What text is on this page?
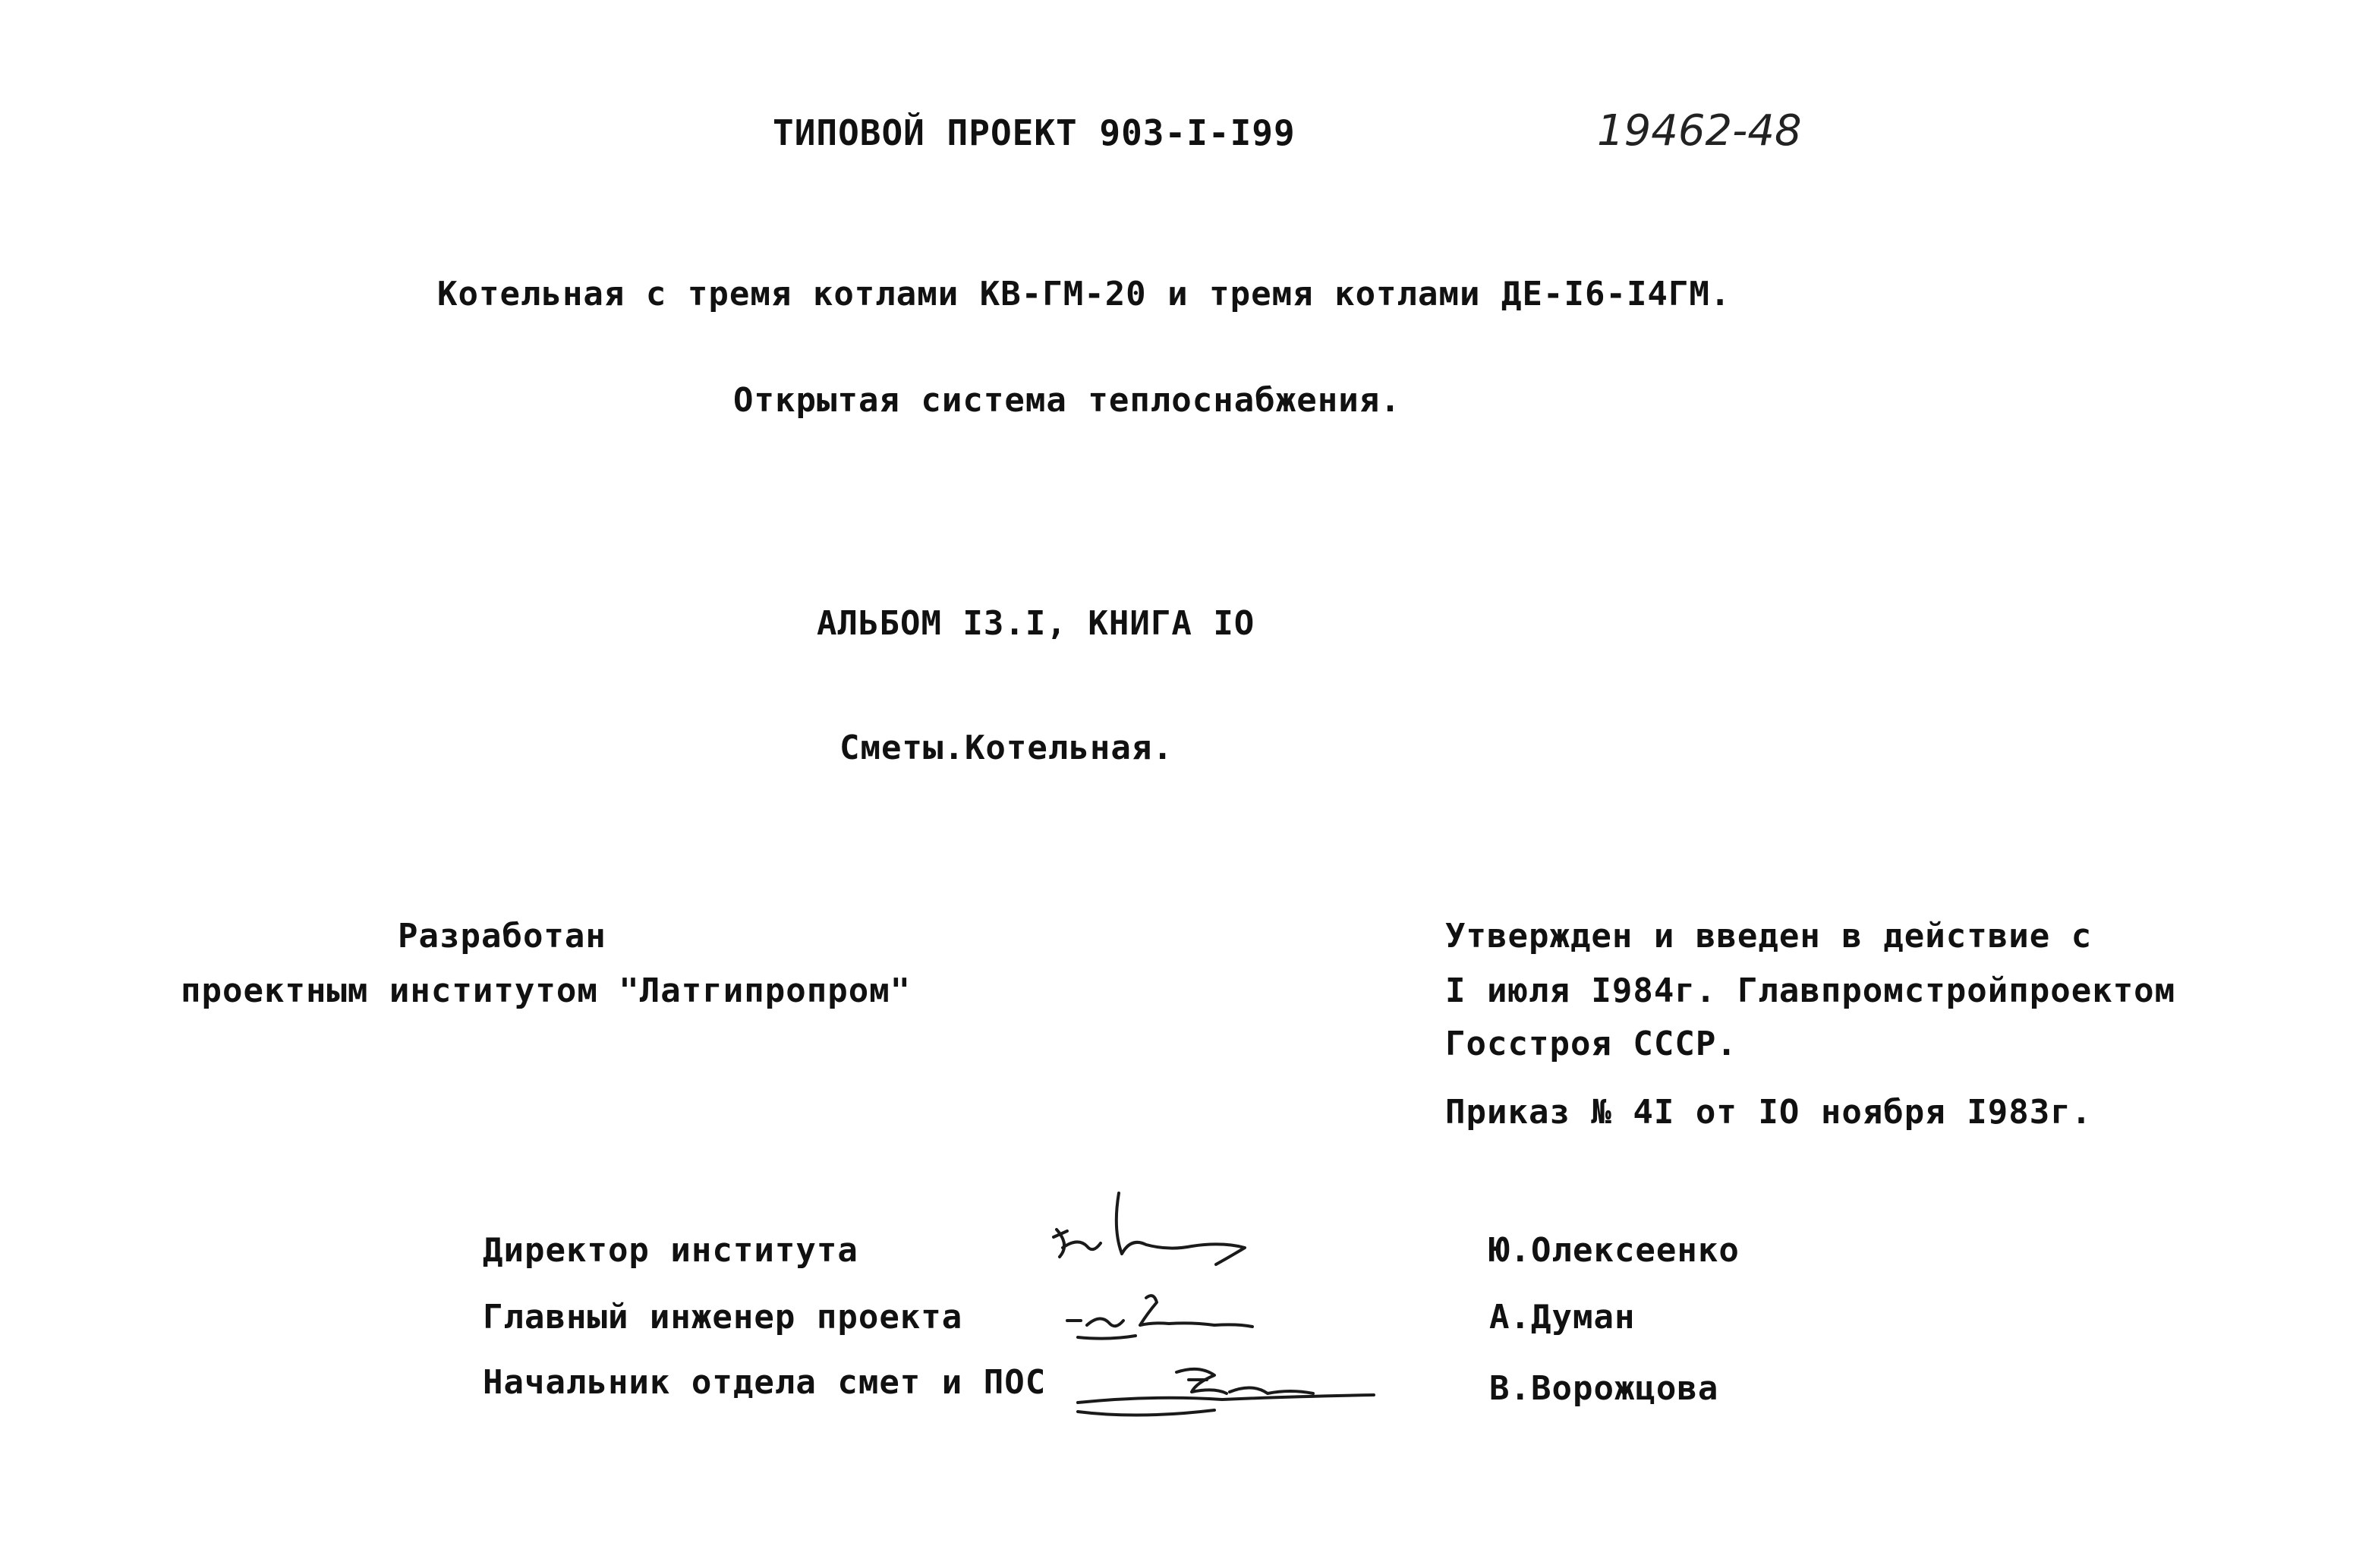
ТИПОВОЙ ПРОЕКТ 903-I-I99	19462-48
Котельная с тремя котлами КВ-ГМ-20 и тремя котлами ДЕ-I6-I4ГМ.
Открытая система теплоснабжения.
АЛЬБОМ I3.I, КНИГА IO
Сметы.Котельная.
Разработан
проектным институтом "Латгипропром"
Утвержден и введен в действие с
I июля I984г. Главпромстройпроектом
Госстроя СССР.
Приказ № 4I от IO ноября I983г.
Директор института
Главный инженер проекта
Начальник отдела смет и ПОС
Ю.Олексеенко
А.Думан
В.Ворожцова
